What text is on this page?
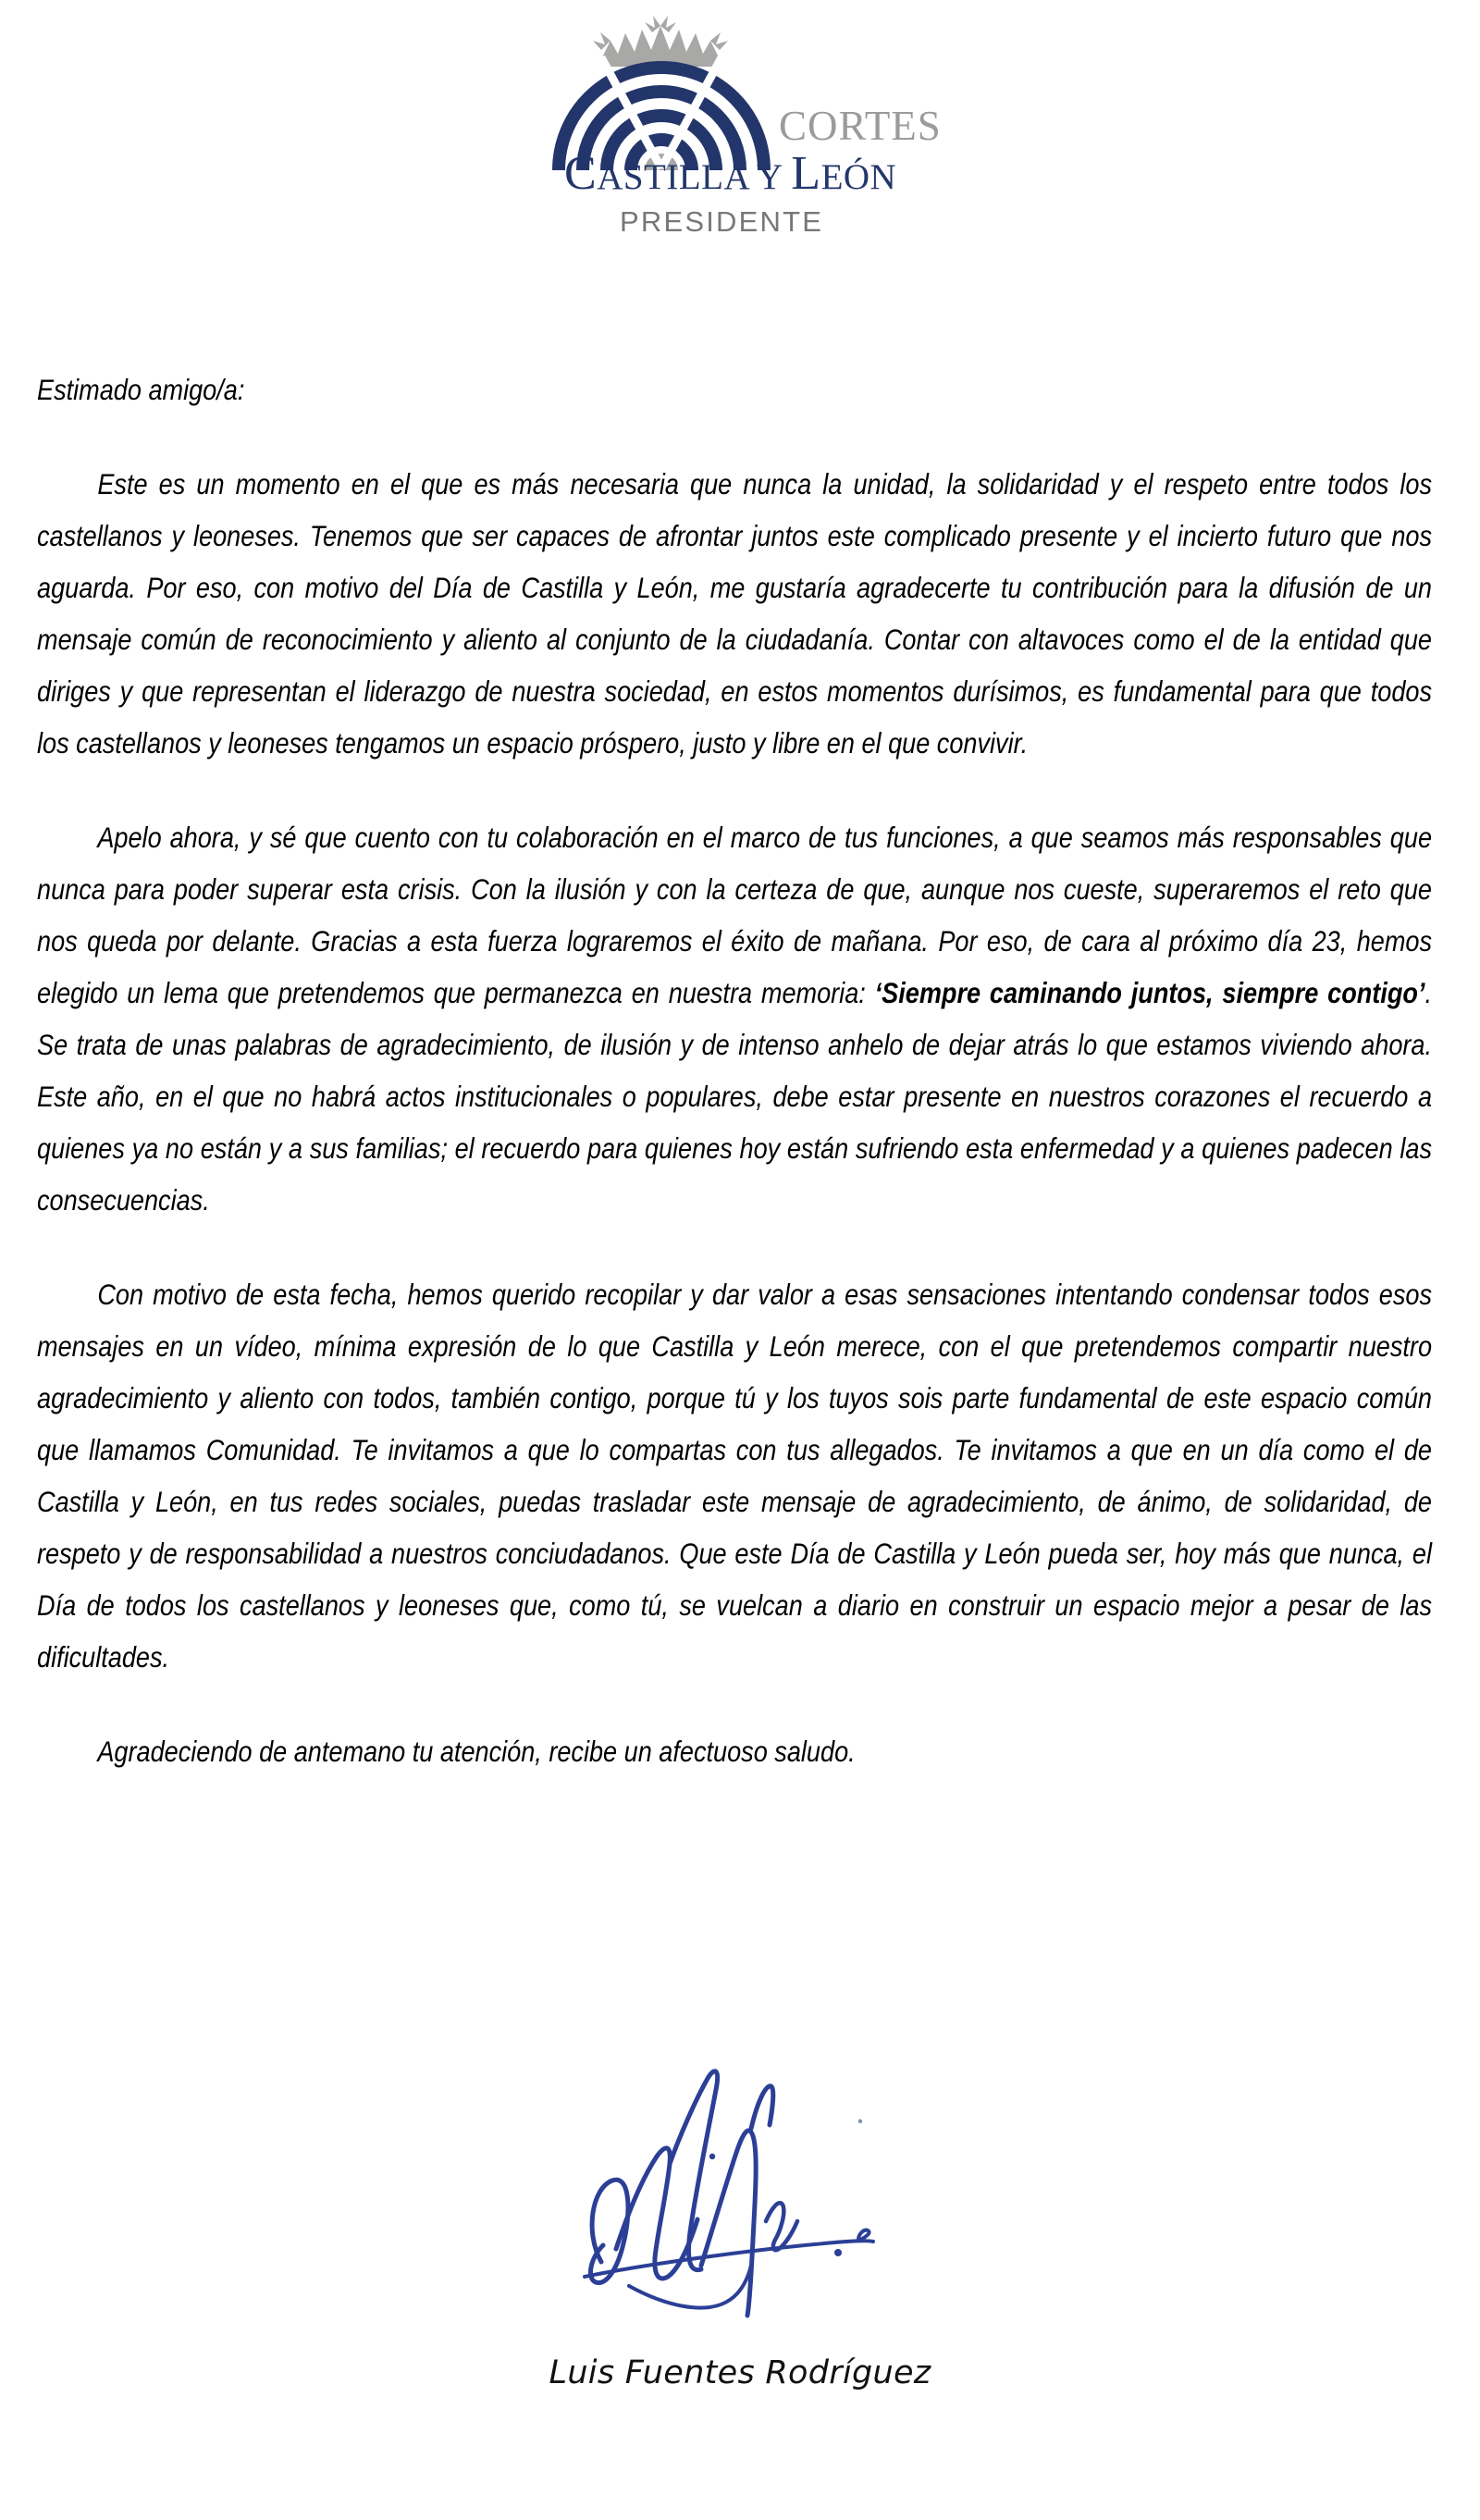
CORTES
CASTILLA Y LEÓN
PRESIDENTE
Estimado amigo/a:

Este es un momento en el que es más necesaria que nunca la unidad, la solidaridad y el respeto entre todos los castellanos y leoneses. Tenemos que ser capaces de afrontar juntos este complicado presente y el incierto futuro que nos aguarda. Por eso, con motivo del Día de Castilla y León, me gustaría agradecerte tu contribución para la difusión de un mensaje común de reconocimiento y aliento al conjunto de la ciudadanía. Contar con altavoces como el de la entidad que diriges y que representan el liderazgo de nuestra sociedad, en estos momentos durísimos, es fundamental para que todos los castellanos y leoneses tengamos un espacio próspero, justo y libre en el que convivir.

Apelo ahora, y sé que cuento con tu colaboración en el marco de tus funciones, a que seamos más responsables que nunca para poder superar esta crisis. Con la ilusión y con la certeza de que, aunque nos cueste, superaremos el reto que nos queda por delante. Gracias a esta fuerza lograremos el éxito de mañana. Por eso, de cara al próximo día 23, hemos elegido un lema que pretendemos que permanezca en nuestra memoria: ‘Siempre caminando juntos, siempre contigo’. Se trata de unas palabras de agradecimiento, de ilusión y de intenso anhelo de dejar atrás lo que estamos viviendo ahora. Este año, en el que no habrá actos institucionales o populares, debe estar presente en nuestros corazones el recuerdo a quienes ya no están y a sus familias; el recuerdo para quienes hoy están sufriendo esta enfermedad y a quienes padecen las consecuencias.

Con motivo de esta fecha, hemos querido recopilar y dar valor a esas sensaciones intentando condensar todos esos mensajes en un vídeo, mínima expresión de lo que Castilla y León merece, con el que pretendemos compartir nuestro agradecimiento y aliento con todos, también contigo, porque tú y los tuyos sois parte fundamental de este espacio común que llamamos Comunidad. Te invitamos a que lo compartas con tus allegados. Te invitamos a que en un día como el de Castilla y León, en tus redes sociales, puedas trasladar este mensaje de agradecimiento, de ánimo, de solidaridad, de respeto y de responsabilidad a nuestros conciudadanos. Que este Día de Castilla y León pueda ser, hoy más que nunca, el Día de todos los castellanos y leoneses que, como tú, se vuelcan a diario en construir un espacio mejor a pesar de las dificultades.

Agradeciendo de antemano tu atención, recibe un afectuoso saludo.

Luis Fuentes Rodríguez
